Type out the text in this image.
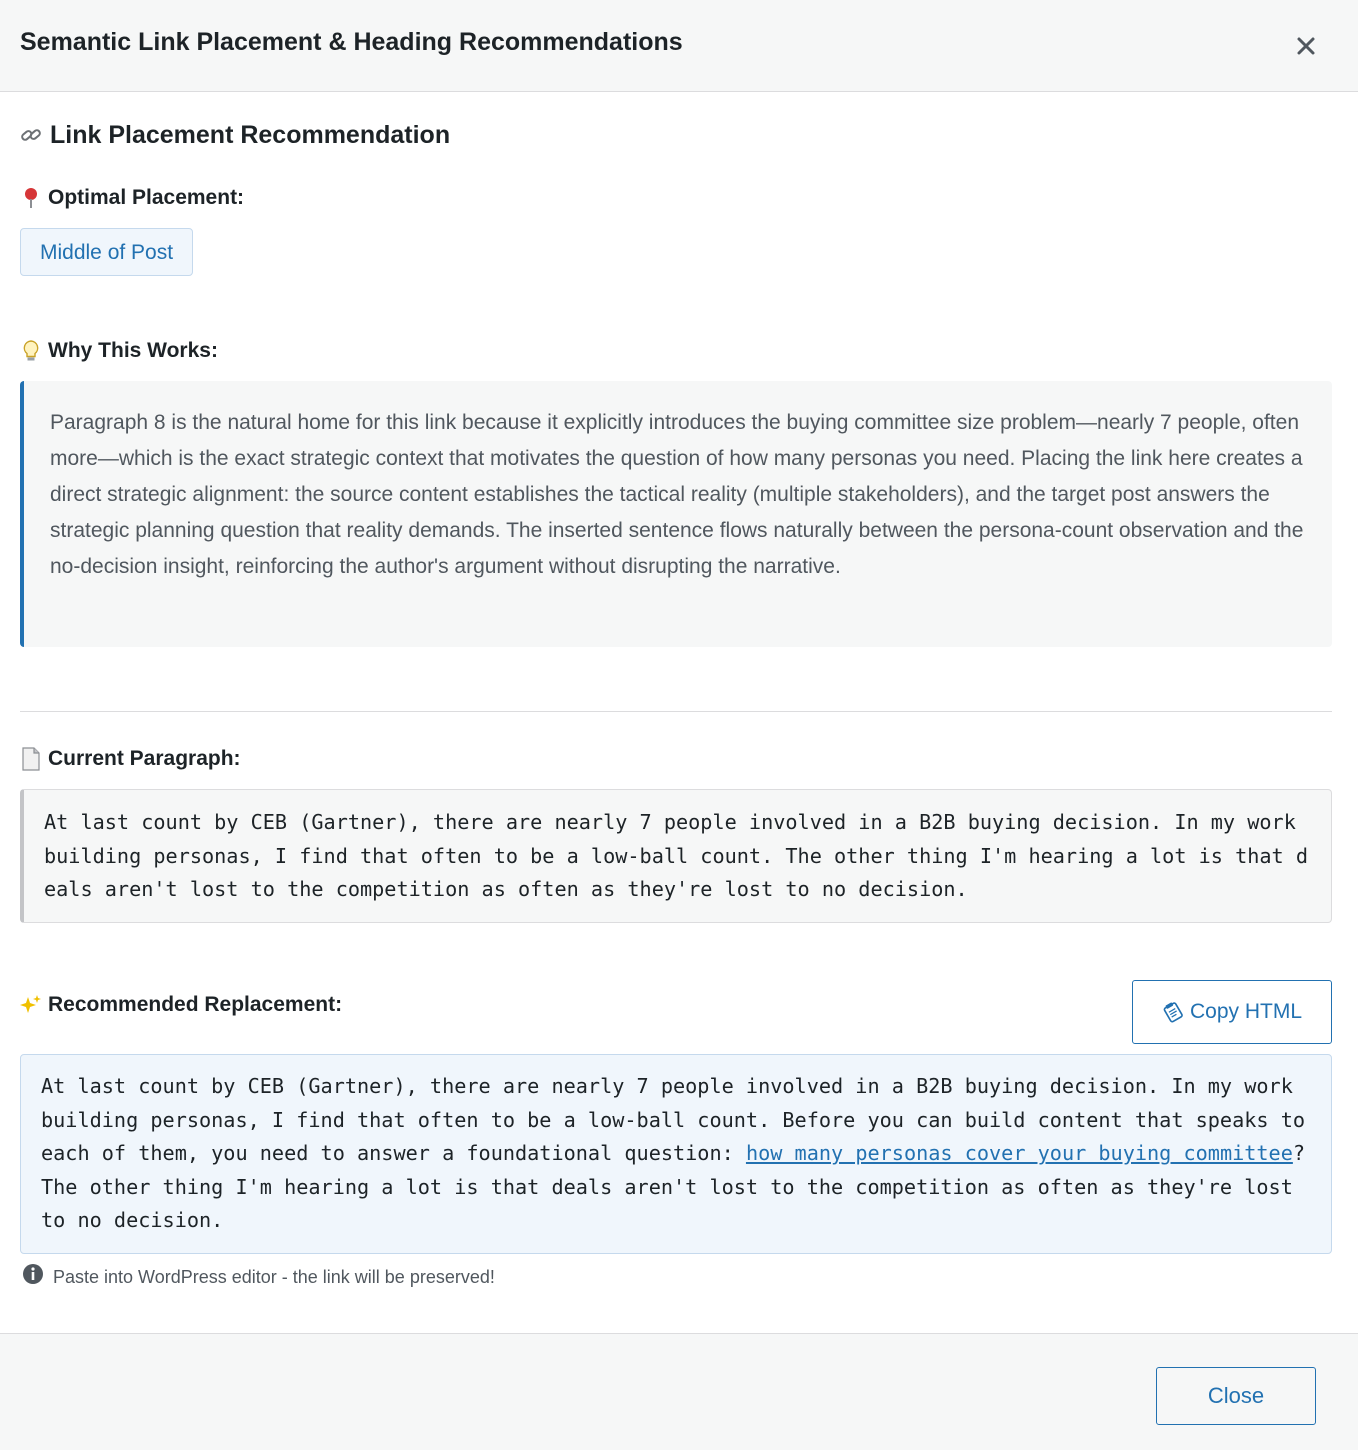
Semantic Link Placement & Heading Recommendations
Link Placement Recommendation
Optimal Placement:
Middle of Post
Why This Works:
Paragraph 8 is the natural home for this link because it explicitly introduces the buying committee size problem—nearly 7 people, often more—which is the exact strategic context that motivates the question of how many personas you need. Placing the link here creates a direct strategic alignment: the source content establishes the tactical reality (multiple stakeholders), and the target post answers the strategic planning question that reality demands. The inserted sentence flows naturally between the persona-count observation and the no-decision insight, reinforcing the author's argument without disrupting the narrative.
Current Paragraph:
At last count by CEB (Gartner), there are nearly 7 people involved in a B2B buying decision. In my work building personas, I find that often to be a low-ball count. The other thing I'm hearing a lot is that deals aren't lost to the competition as often as they're lost to no decision.
Recommended Replacement:	Copy HTML
At last count by CEB (Gartner), there are nearly 7 people involved in a B2B buying decision. In my work building personas, I find that often to be a low-ball count. Before you can build content that speaks to each of them, you need to answer a foundational question: how many personas cover your buying committee? The other thing I'm hearing a lot is that deals aren't lost to the competition as often as they're lost to no decision.
Paste into WordPress editor - the link will be preserved!
Close
